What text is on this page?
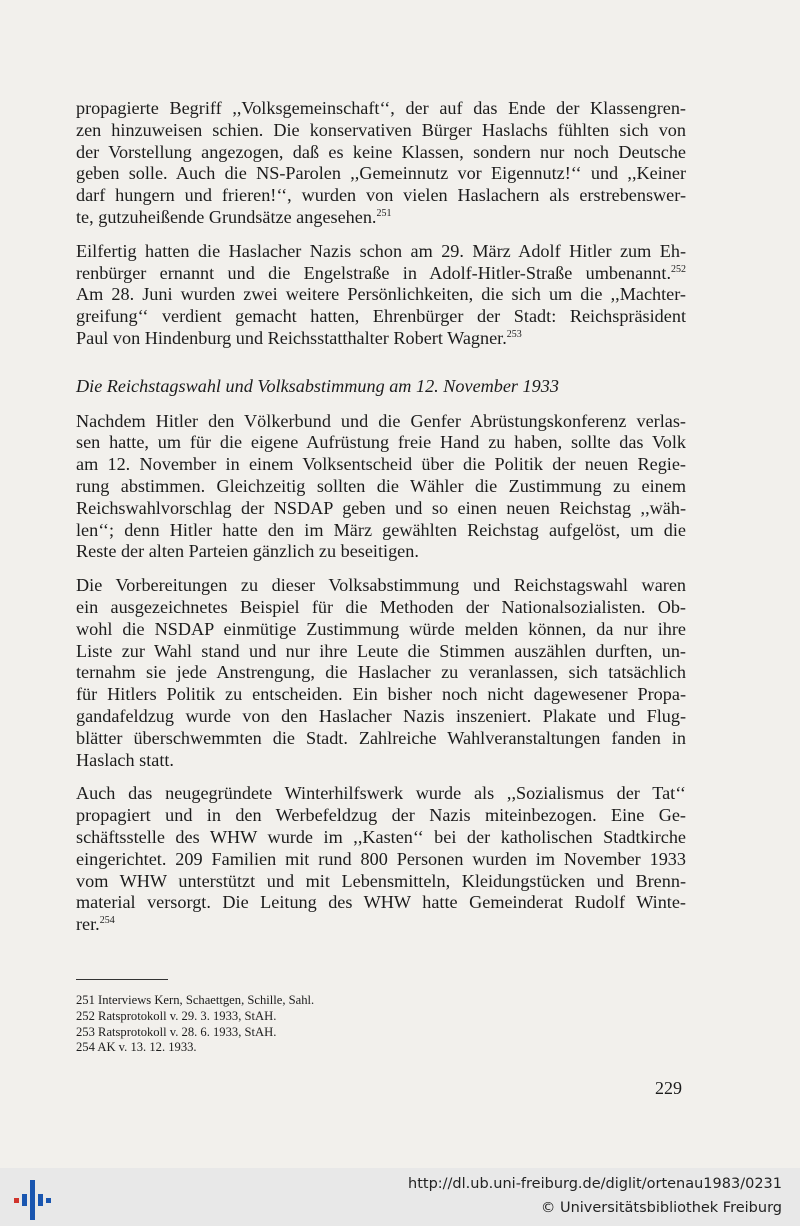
propagierte Begriff ,,Volksgemeinschaft‘‘, der auf das Ende der Klassengren-
zen hinzuweisen schien. Die konservativen Bürger Haslachs fühlten sich von
der Vorstellung angezogen, daß es keine Klassen, sondern nur noch Deutsche
geben solle. Auch die NS-Parolen ,,Gemeinnutz vor Eigennutz!‘‘ und ,,Keiner
darf hungern und frieren!‘‘, wurden von vielen Haslachern als erstrebenswer-
te, gutzuheißende Grundsätze angesehen.$^{251}$

Eilfertig hatten die Haslacher Nazis schon am 29. März Adolf Hitler zum Eh-
renbürger ernannt und die Engelstraße in Adolf-Hitler-Straße umbenannt.$^{252}$
Am 28. Juni wurden zwei weitere Persönlichkeiten, die sich um die ,,Machter-
greifung‘‘ verdient gemacht hatten, Ehrenbürger der Stadt: Reichspräsident
Paul von Hindenburg und Reichsstatthalter Robert Wagner.$^{253}$

Die Reichstagswahl und Volksabstimmung am 12. November 1933

Nachdem Hitler den Völkerbund und die Genfer Abrüstungskonferenz verlas-
sen hatte, um für die eigene Aufrüstung freie Hand zu haben, sollte das Volk
am 12. November in einem Volksentscheid über die Politik der neuen Regie-
rung abstimmen. Gleichzeitig sollten die Wähler die Zustimmung zu einem
Reichswahlvorschlag der NSDAP geben und so einen neuen Reichstag ,,wäh-
len‘‘; denn Hitler hatte den im März gewählten Reichstag aufgelöst, um die
Reste der alten Parteien gänzlich zu beseitigen.

Die Vorbereitungen zu dieser Volksabstimmung und Reichstagswahl waren
ein ausgezeichnetes Beispiel für die Methoden der Nationalsozialisten. Ob-
wohl die NSDAP einmütige Zustimmung würde melden können, da nur ihre
Liste zur Wahl stand und nur ihre Leute die Stimmen auszählen durften, un-
ternahm sie jede Anstrengung, die Haslacher zu veranlassen, sich tatsächlich
für Hitlers Politik zu entscheiden. Ein bisher noch nicht dagewesener Propa-
gandafeldzug wurde von den Haslacher Nazis inszeniert. Plakate und Flug-
blätter überschwemmten die Stadt. Zahlreiche Wahlveranstaltungen fanden in
Haslach statt.

Auch das neugegründete Winterhilfswerk wurde als ,,Sozialismus der Tat‘‘
propagiert und in den Werbefeldzug der Nazis miteinbezogen. Eine Ge-
schäftsstelle des WHW wurde im ,,Kasten‘‘ bei der katholischen Stadtkirche
eingerichtet. 209 Familien mit rund 800 Personen wurden im November 1933
vom WHW unterstützt und mit Lebensmitteln, Kleidungstücken und Brenn-
material versorgt. Die Leitung des WHW hatte Gemeinderat Rudolf Winte-
rer.$^{254}$

251 Interviews Kern, Schaettgen, Schille, Sahl.
252 Ratsprotokoll v. 29. 3. 1933, StAH.
253 Ratsprotokoll v. 28. 6. 1933, StAH.
254 AK v. 13. 12. 1933.
229
http://dl.ub.uni-freiburg.de/diglit/ortenau1983/0231
© Universitätsbibliothek Freiburg
